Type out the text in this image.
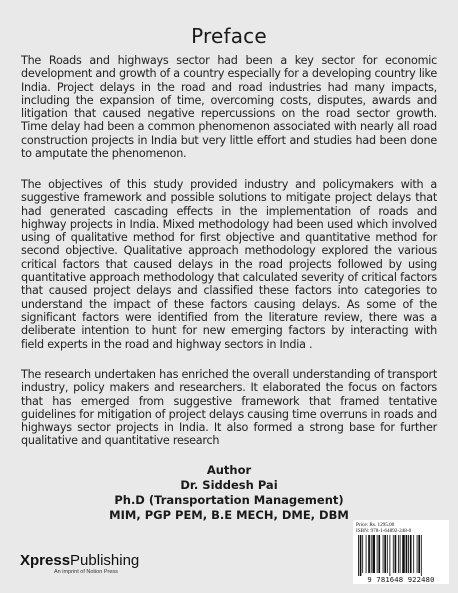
Preface

The Roads and highways sector had been a key sector for economic development and growth of a country especially for a developing country like India. Project delays in the road and road industries had many impacts, including the expansion of time, overcoming costs, disputes, awards and litigation that caused negative repercussions on the road sector growth. Time delay had been a common phenomenon associated with nearly all road construction projects in India but very little effort and studies had been done to amputate the phenomenon.

The objectives of this study provided industry and policymakers with a suggestive framework and possible solutions to mitigate project delays that had generated cascading effects in the implementation of roads and highway projects in India. Mixed methodology had been used which involved using of qualitative method for first objective and quantitative method for second objective. Qualitative approach methodology explored the various critical factors that caused delays in the road projects followed by using quantitative approach methodology that calculated severity of critical factors that caused project delays and classified these factors into categories to understand the impact of these factors causing delays. As some of the significant factors were identified from the literature review, there was a deliberate intention to hunt for new emerging factors by interacting with field experts in the road and highway sectors in India .

The research undertaken has enriched the overall understanding of transport industry, policy makers and researchers. It elaborated the focus on factors that has emerged from suggestive framework that framed tentative guidelines for mitigation of project delays causing time overruns in roads and highways sector projects in India. It also formed a strong base for further qualitative and quantitative research

Author
Dr. Siddesh Pai
Ph.D (Transportation Management)
MIM, PGP PEM, B.E MECH, DME, DBM
XpressPublishing
An imprint of Notion Press
Price: Rs. 1295.00
ISBN: 978-1-64892-248-0
9 781648 922480
